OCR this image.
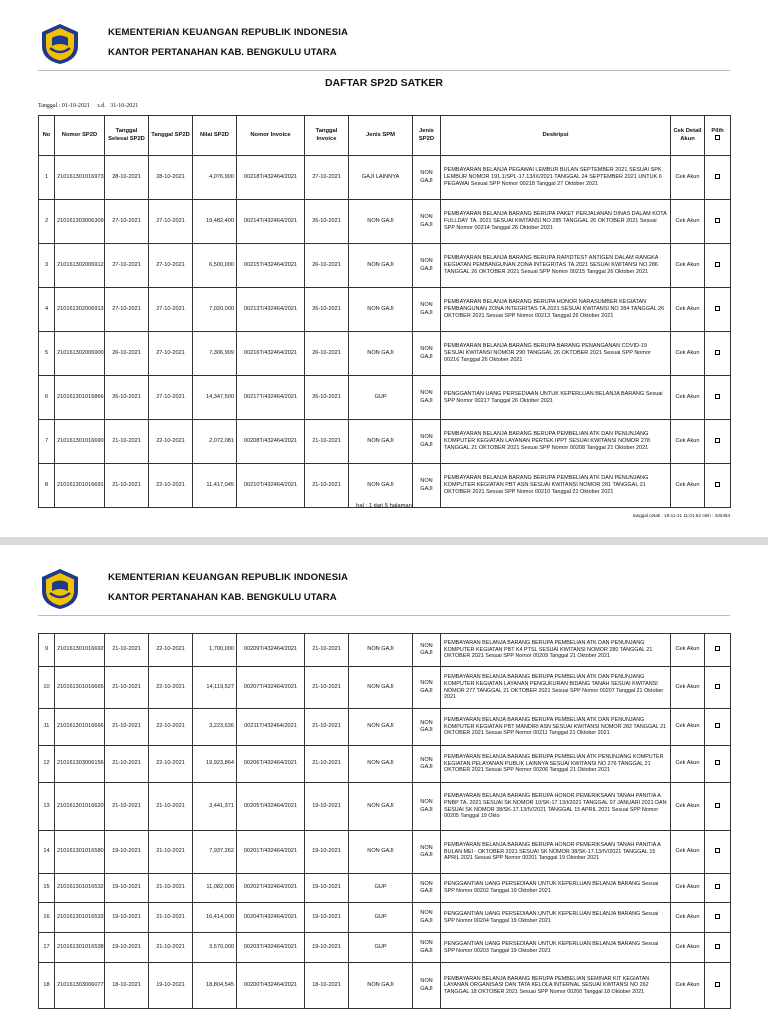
KEMENTERIAN KEUANGAN REPUBLIK INDONESIA
KANTOR PERTANAHAN KAB. BENGKULU UTARA
DAFTAR SP2D SATKER
Tanggal : 01-10-2021     s.d.   31-10-2021
No	Nomor SP2D	Tanggal Selesai SP2D	Tanggal SP2D	Nilai SP2D	Nomor Invoice	Tanggal Invoice	Jenis SPM	Jenis SP2D	Deskripsi	Cek Detail Akun	Pilih

1	210161301016973	28-10-2021	28-10-2021	4,076,900	00218T/432464/2021	27-10-2021	GAJI LAINNYA	NON GAJI	PEMBAYARAN BELANJA PEGAWAI LEMBUR BULAN SEPTEMBER 2021 SESUAI SPK LEMBUR NOMOR 191.1/SPL-17.13/IX/2021 TANGGAL 24 SEPTEMBER 2021 UNTUK 6 PEGAWAI Sesuai SPP Nomor 00218 Tanggal 27 Oktober 2021	Cek Akun	
2	210161303006309	27-10-2021	27-10-2021	19,482,400	00214T/432464/2021	26-10-2021	NON GAJI	NON GAJI	PEMBAYARAN BELANJA BARANG BERUPA PAKET PERJALANAN DINAS DALAM KOTA FULLDAY TA. 2021 SESUAI KWITANSI NO 285 TANGGAL 26 OKTOBER 2021 Sesuai SPP Nomor 00214 Tanggal 26 Oktober 2021	Cek Akun	
3	210161302006912	27-10-2021	27-10-2021	6,500,000	00215T/432464/2021	26-10-2021	NON GAJI	NON GAJI	PEMBAYARAN BELANJA BARANG BERUPA RAPIDTEST ANTIGEN DALAM RANGKA KEGIATAN PEMBANGUNAN ZONA INTEGRITAS TA.2021 SESUAI KWITANSI NO 286 TANGGAL 26 OKTOBER 2021 Sesuai SPP Nomor 00215 Tanggal 26 Oktober 2021	Cek Akun	
4	210161302006913	27-10-2021	27-10-2021	7,020,000	00213T/432464/2021	26-10-2021	NON GAJI	NON GAJI	PEMBAYARAN BELANJA BARANG BERUPA HONOR NARASUMBER KEGIATAN PEMBANGUNAN ZONA INTEGRITAS TA.2021 SESUAI KWITANSI NO 284 TANGGAL 26 OKTOBER 2021 Sesuai SPP Nomor 00213 Tanggal 26 Oktober 2021	Cek Akun	
5	210161302006900	26-10-2021	27-10-2021	7,306,909	00216T/432464/2021	26-10-2021	NON GAJI	NON GAJI	PEMBAYARAN BELANJA BARANG BERUPA BARANG PENANGANAN COVID-19 SESUAI KWITANSI NOMOR 290 TANGGAL 26 OKTOBER 2021 Sesuai SPP Nomor 00216 Tanggal 26 Oktober 2021	Cek Akun	
6	210161301016866	26-10-2021	27-10-2021	14,347,500	00217T/432464/2021	26-10-2021	GUP	NON GAJI	PENGGANTIAN UANG PERSEDIAAN UNTUK KEPERLUAN BELANJA BARANG Sesuai SPP Nomor 00217 Tanggal 26 Oktober 2021	Cek Akun	
7	210161301016690	21-10-2021	22-10-2021	2,072,081	00208T/432464/2021	21-10-2021	NON GAJI	NON GAJI	PEMBAYARAN BELANJA BARANG BERUPA PEMBELIAN ATK DAN PENUNJANG KOMPUTER KEGIATAN LAYANAN PERTEK IPPT SESUAI KWITANSI NOMOR 278 TANGGAL 21 OKTOBER 2021 Sesuai SPP Nomor 00208 Tanggal 21 Oktober 2021	Cek Akun	
8	210161301016691	21-10-2021	22-10-2021	11,417,045	00210T/432464/2021	21-10-2021	NON GAJI	NON GAJI	PEMBAYARAN BELANJA BARANG BERUPA PEMBELIAN ATK DAN PENUNJANG KOMPUTER KEGIATAN PBT ASN SESUAI KWITANSI NOMOR 281 TANGGAL 21 OKTOBER 2021 Sesuai SPP Nomor 00210 Tanggal 21 Oktober 2021	Cek Akun	
hal : 1 dari 5 halaman
tanggal cetak : 18-11-21 11:01:52 oleh : 432464
KEMENTERIAN KEUANGAN REPUBLIK INDONESIA
KANTOR PERTANAHAN KAB. BENGKULU UTARA
9	210161301016692	21-10-2021	22-10-2021	1,700,000	00209T/432464/2021	21-10-2021	NON GAJI	NON GAJI	PEMBAYARAN BELANJA BARANG BERUPA PEMBELIAN ATK DAN PENUNJANG KOMPUTER KEGIATAN PBT K4 PTSL SESUAI KWITANSI NOMOR 280 TANGGAL 21 OKTOBER 2021 Sesuai SPP Nomor 00209 Tanggal 21 Oktober 2021	Cek Akun	
10	210161301016665	21-10-2021	22-10-2021	14,119,527	00207T/432464/2021	21-10-2021	NON GAJI	NON GAJI	PEMBAYARAN BELANJA BARANG BERUPA PEMBELIAN ATK DAN PENUNJANG KOMPUTER KEGIATAN LAYANAN PENGUKURAN BIDANG TANAH SESUAI KWITANSI NOMOR 277 TANGGAL 21 OKTOBER 2021 Sesuai SPP Nomor 00207 Tanggal 21 Oktober 2021	Cek Akun	
11	210161301016666	21-10-2021	22-10-2021	3,223,636	00211T/432464/2021	21-10-2021	NON GAJI	NON GAJI	PEMBAYARAN BELANJA BARANG BERUPA PEMBELIAN ATK DAN PENUNJANG KOMPUTER KEGIATAN PBT MANDIRI ASN SESUAI KWITANSI NOMOR 282 TANGGAL 21 OKTOBER 2021 Sesuai SPP Nomor 00211 Tanggal 21 Oktober 2021	Cek Akun	
12	210161303006156	21-10-2021	22-10-2021	19,923,864	00206T/432464/2021	21-10-2021	NON GAJI	NON GAJI	PEMBAYARAN BELANJA BARANG BERUPA PEMBELIAN ATK PENUNJANG KOMPUTER KEGIATAN PELAYANAN PUBLIK LAINNYA SESUAI KWITANSI NO 276 TANGGAL 21 OKTOBER 2021 Sesuai SPP Nomor 00206 Tanggal 21 Oktober 2021	Cek Akun	
13	210161301016620	21-10-2021	21-10-2021	3,441,371	00205T/432464/2021	19-10-2021	NON GAJI	NON GAJI	PEMBAYARAN BELANJA BARANG BERUPA HONOR PEMERIKSAAN TANAH PANITIA A PNBP TA. 2021 SESUAI SK NOMOR 10/SK-17.13/I/2021 TANGGAL 07 JANUARI 2021 DAN SESUAI SK NOMOR 38/SK-17.13/IV/2021 TANGGAL 15 APRIL 2021 Sesuai SPP Nomor 00205 Tanggal 19 Okto	Cek Akun	
14	210161301016580	19-10-2021	21-10-2021	7,937,262	00201T/432464/2021	19-10-2021	NON GAJI	NON GAJI	PEMBAYARAN BELANJA BARANG BERUPA HONOR PEMERIKSAAN TANAH PANITIA A BULAN MEI - OKTOBER 2021 SESUAI SK NOMOR 38/SK-17.13/IV/2021 TANGGAL 15 APRIL 2021 Sesuai SPP Nomor 00201 Tanggal 19 Oktober 2021	Cek Akun	
15	210161301016532	19-10-2021	21-10-2021	11,082,000	00202T/432464/2021	19-10-2021	GUP	NON GAJI	PENGGANTIAN UANG PERSEDIAAN UNTUK KEPERLUAN BELANJA BARANG Sesuai SPP Nomor 00202 Tanggal 19 Oktober 2021	Cek Akun	
16	210161301016533	19-10-2021	21-10-2021	16,414,000	00204T/432464/2021	19-10-2021	GUP	NON GAJI	PENGGANTIAN UANG PERSEDIAAN UNTUK KEPERLUAN BELANJA BARANG Sesuai SPP Nomor 00204 Tanggal 19 Oktober 2021	Cek Akun	
17	210161301016538	19-10-2021	21-10-2021	3,570,000	00203T/432464/2021	19-10-2021	GUP	NON GAJI	PENGGANTIAN UANG PERSEDIAAN UNTUK KEPERLUAN BELANJA BARANG Sesuai SPP Nomor 00203 Tanggal 19 Oktober 2021	Cek Akun	
18	210161303006077	18-10-2021	19-10-2021	18,804,545	00200T/432464/2021	18-10-2021	NON GAJI	NON GAJI	PEMBAYARAN BELANJA BARANG BERUPA PEMBELIAN SEMINAR KIT KEGIATAN LAYANAN ORGANISASI DAN TATA KELOLA INTERNAL SESUAI KWITANSI NO 262 TANGGAL 18 OKTOBER 2021 Sesuai SPP Nomor 00200 Tanggal 18 Oktober 2021	Cek Akun	
